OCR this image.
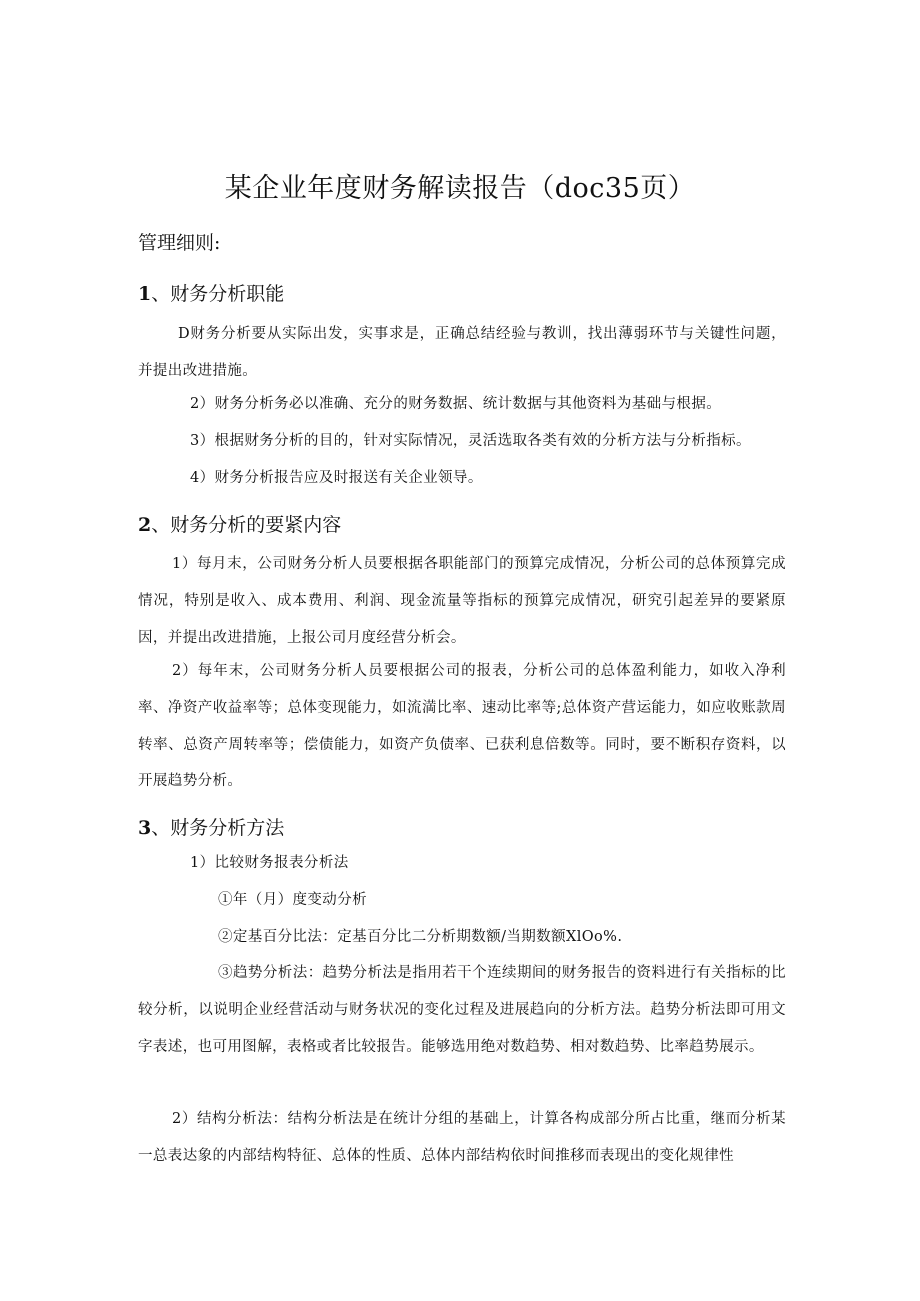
某企业年度财务解读报告（doc35页）
管理细则:
1、财务分析职能
D财务分析要从实际出发，实事求是，正确总结经验与教训，找出薄弱环节与关键性问题，并提出改进措施。
2）财务分析务必以准确、充分的财务数据、统计数据与其他资料为基础与根据。
3）根据财务分析的目的，针对实际情况，灵活选取各类有效的分析方法与分析指标。
4）财务分析报告应及时报送有关企业领导。
2、财务分析的要紧内容
1）每月末，公司财务分析人员要根据各职能部门的预算完成情况，分析公司的总体预算完成情况，特别是收入、成本费用、利润、现金流量等指标的预算完成情况，研究引起差异的要紧原因，并提出改进措施，上报公司月度经营分析会。
2）每年末，公司财务分析人员要根据公司的报表，分析公司的总体盈利能力，如收入净利率、净资产收益率等；总体变现能力，如流満比率、速动比率等;总体资产营运能力，如应收账款周转率、总资产周转率等；偿债能力，如资产负债率、已获利息倍数等。同时，要不断积存资料，以开展趋势分析。
3、财务分析方法
1）比较财务报表分析法
①年（月）度变动分析
②定基百分比法：定基百分比二分析期数额/当期数额XlOo%.
③趋势分析法：趋势分析法是指用若干个连续期间的财务报告的资料进行有关指标的比较分析，以说明企业经营活动与财务状况的变化过程及进展趋向的分析方法。趋势分析法即可用文字表述，也可用图解，表格或者比较报告。能够选用绝对数趋势、相对数趋势、比率趋势展示。
2）结构分析法：结构分析法是在统计分组的基础上，计算各构成部分所占比重，继而分析某一总表达象的内部结构特征、总体的性质、总体内部结构依时间推移而表现出的变化规律性
